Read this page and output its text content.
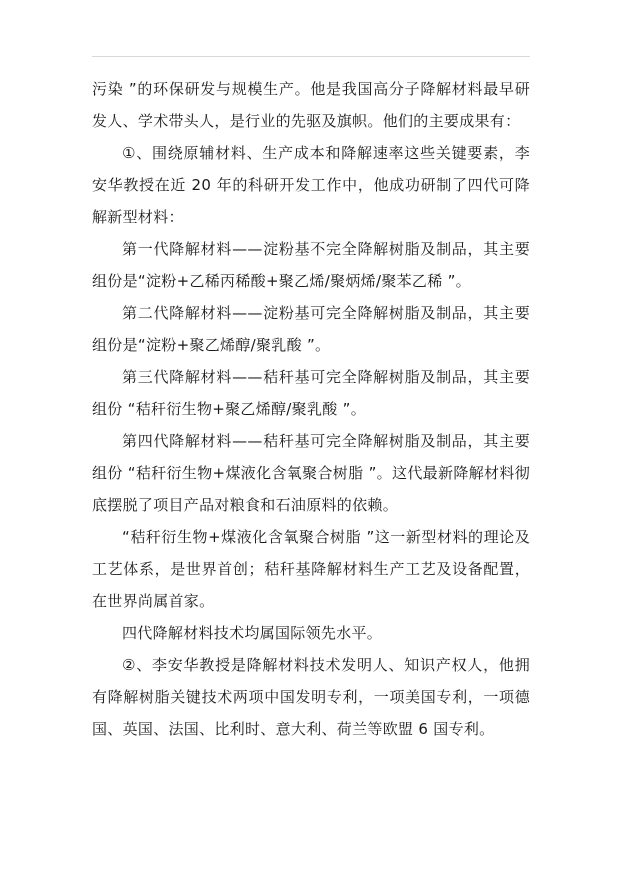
污染 ”的环保研发与规模生产。他是我国高分子降解材料最早研发人、学术带头人，是行业的先驱及旗帜。他们的主要成果有：

①、围绕原辅材料、生产成本和降解速率这些关键要素，李安华教授在近 20 年的科研开发工作中，他成功研制了四代可降解新型材料：

第一代降解材料——淀粉基不完全降解树脂及制品，其主要组份是“淀粉+乙稀丙稀酸+聚乙烯/聚炳烯/聚苯乙稀 ”。

第二代降解材料——淀粉基可完全降解树脂及制品，其主要组份是“淀粉+聚乙烯醇/聚乳酸 ”。

第三代降解材料——秸秆基可完全降解树脂及制品，其主要组份 “秸秆衍生物+聚乙烯醇/聚乳酸 ”。

第四代降解材料——秸秆基可完全降解树脂及制品，其主要组份 “秸秆衍生物+煤液化含氧聚合树脂 ”。这代最新降解材料彻底摆脱了项目产品对粮食和石油原料的依赖。

“秸秆衍生物+煤液化含氧聚合树脂 ”这一新型材料的理论及工艺体系，是世界首创；秸秆基降解材料生产工艺及设备配置，在世界尚属首家。

四代降解材料技术均属国际领先水平。

②、李安华教授是降解材料技术发明人、知识产权人，他拥有降解树脂关键技术两项中国发明专利，一项美国专利，一项德国、英国、法国、比利时、意大利、荷兰等欧盟 6 国专利。
